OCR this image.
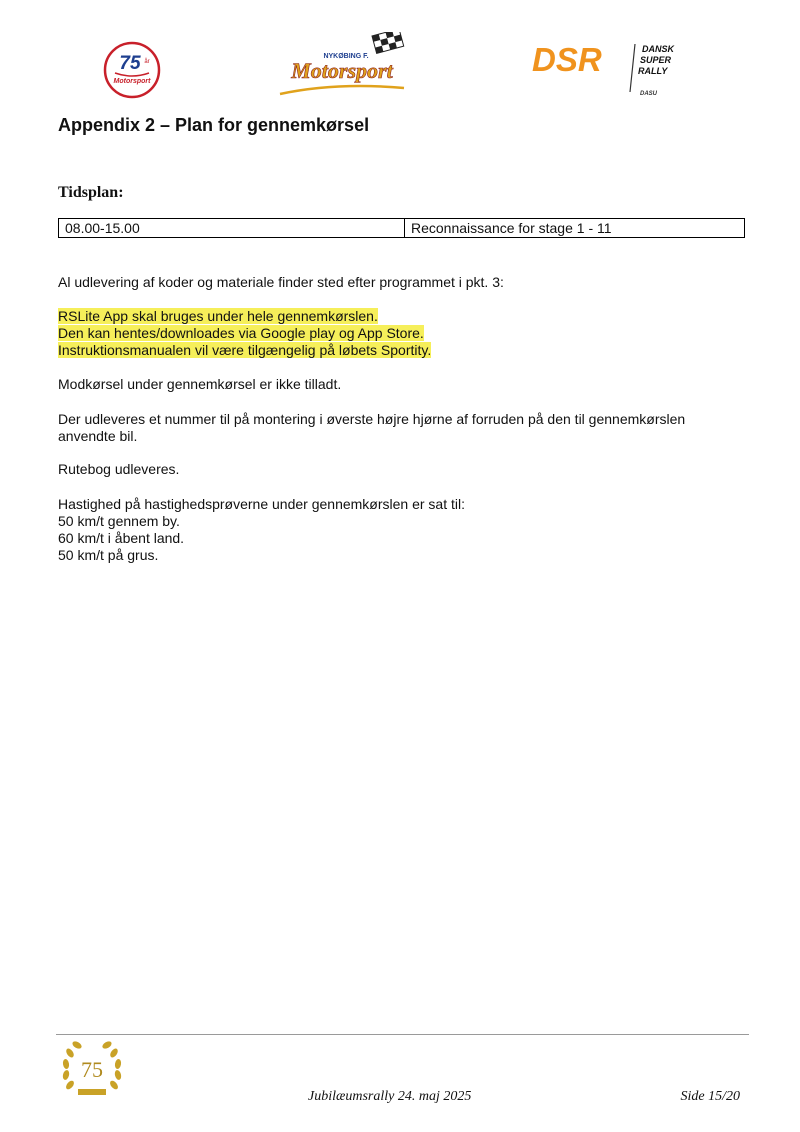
75 år
Motorsport
NYKØBING F.
Motorsport	DSR	DANSK
SUPER
RALLY
DASU
Appendix 2 – Plan for gennemkørsel
Tidsplan:
08.00-15.00	Reconnaissance for stage 1 - 11
Al udlevering af koder og materiale finder sted efter programmet i pkt. 3:
RSLite App skal bruges under hele gennemkørslen.
Den kan hentes/downloades via Google play og App Store.
Instruktionsmanualen vil være tilgængelig på løbets Sportity.
Modkørsel under gennemkørsel er ikke tilladt.
Der udleveres et nummer til på montering i øverste højre hjørne af forruden på den til gennemkørslen
anvendte bil.
Rutebog udleveres.
Hastighed på hastighedsprøverne under gennemkørslen er sat til:
50 km/t gennem by.
60 km/t i åbent land.
50 km/t på grus.
75
Jubilæumsrally 24. maj 2025	Side 15/20
